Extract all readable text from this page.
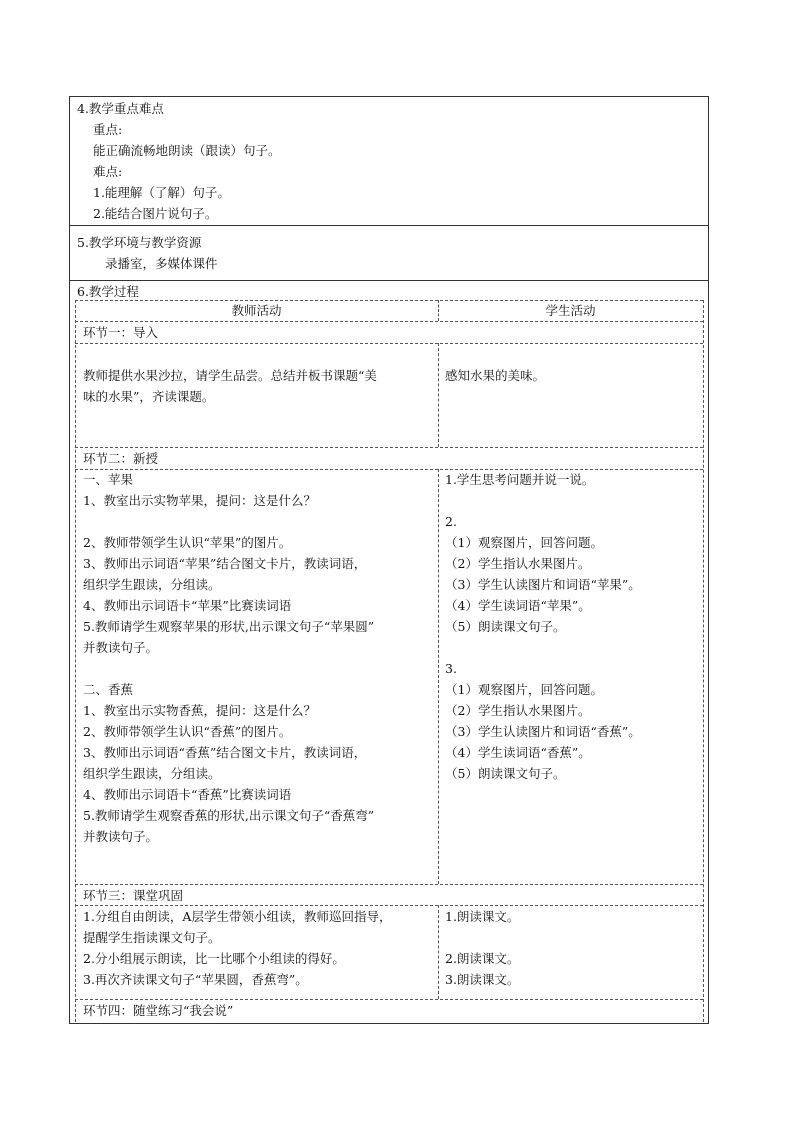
4.教学重点难点
重点:
能正确流畅地朗读（跟读）句子。
难点:
1.能理解（了解）句子。
2.能结合图片说句子。
5.教学环境与教学资源
录播室，多媒体课件
6.教学过程
教师活动	学生活动
环节一：导入
教师提供水果沙拉，请学生品尝。总结并板书课题“美
味的水果”，齐读课题。
感知水果的美味。
环节二：新授
一、苹果
1、教室出示实物苹果，提问：这是什么？
2、教师带领学生认识“苹果”的图片。
3、教师出示词语“苹果”结合图文卡片，教读词语，
组织学生跟读，分组读。
4、教师出示词语卡“苹果”比赛读词语
5.教师请学生观察苹果的形状,出示课文句子“苹果圆”
并教读句子。
二、香蕉
1、教室出示实物香蕉，提问：这是什么？
2、教师带领学生认识“香蕉”的图片。
3、教师出示词语“香蕉”结合图文卡片，教读词语，
组织学生跟读，分组读。
4、教师出示词语卡“香蕉”比赛读词语
5.教师请学生观察香蕉的形状,出示课文句子“香蕉弯”
并教读句子。
1.学生思考问题并说一说。
2.
（1）观察图片，回答问题。
（2）学生指认水果图片。
（3）学生认读图片和词语“苹果”。
（4）学生读词语“苹果”。
（5）朗读课文句子。
3.
（1）观察图片，回答问题。
（2）学生指认水果图片。
（3）学生认读图片和词语“香蕉”。
（4）学生读词语“香蕉”。
（5）朗读课文句子。
环节三：课堂巩固
1.分组自由朗读，A层学生带领小组读，教师巡回指导，
提醒学生指读课文句子。
2.分小组展示朗读，比一比哪个小组读的得好。
3.再次齐读课文句子“苹果圆，香蕉弯”。
1.朗读课文。
2.朗读课文。
3.朗读课文。
环节四：随堂练习“我会说”
